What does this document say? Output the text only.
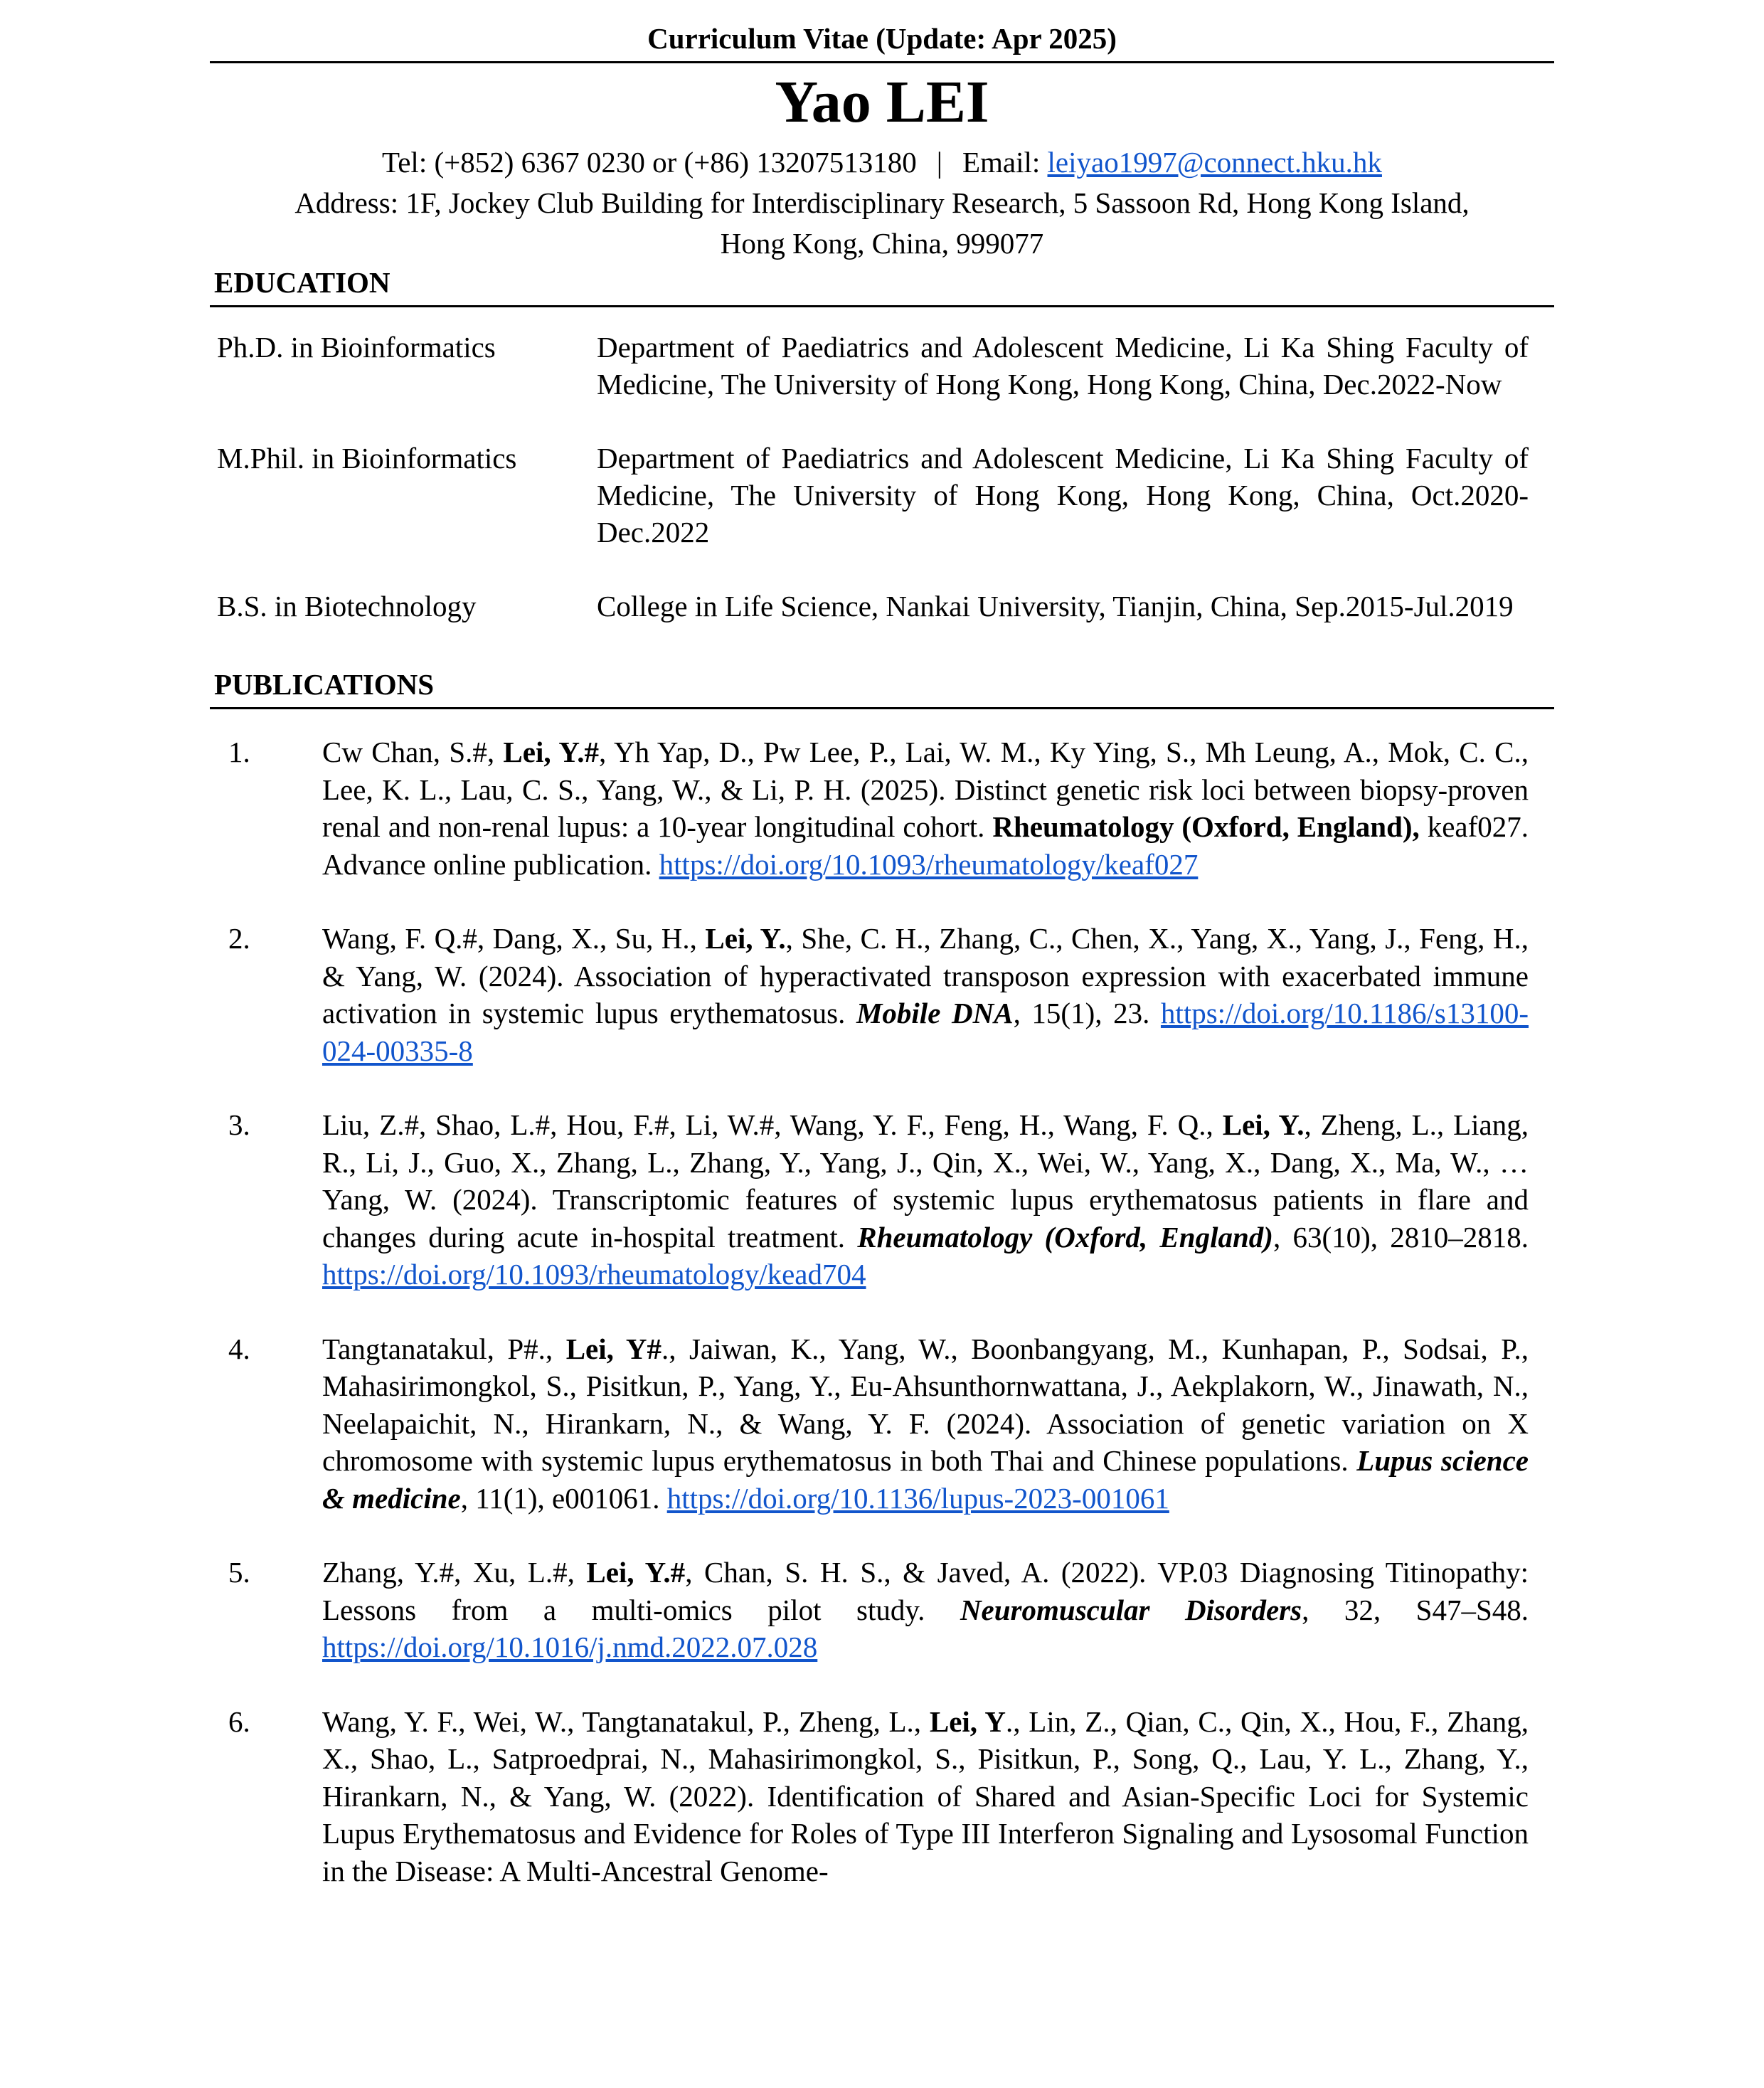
Curriculum Vitae (Update: Apr 2025)
Yao LEI
Tel: (+852) 6367 0230 or (+86) 13207513180 | Email: leiyao1997@connect.hku.hk
Address: 1F, Jockey Club Building for Interdisciplinary Research, 5 Sassoon Rd, Hong Kong Island,
Hong Kong, China, 999077
EDUCATION
Ph.D. in Bioinformatics	Department of Paediatrics and Adolescent Medicine, Li Ka Shing Faculty of Medicine, The University of Hong Kong, Hong Kong, China, Dec.2022-Now
M.Phil. in Bioinformatics	Department of Paediatrics and Adolescent Medicine, Li Ka Shing Faculty of Medicine, The University of Hong Kong, Hong Kong, China, Oct.2020-Dec.2022
B.S. in Biotechnology	College in Life Science, Nankai University, Tianjin, China, Sep.2015-Jul.2019
PUBLICATIONS
1.	Cw Chan, S.#, Lei, Y.#, Yh Yap, D., Pw Lee, P., Lai, W. M., Ky Ying, S., Mh Leung, A., Mok, C. C., Lee, K. L., Lau, C. S., Yang, W., & Li, P. H. (2025). Distinct genetic risk loci between biopsy-proven renal and non-renal lupus: a 10-year longitudinal cohort. Rheumatology (Oxford, England), keaf027. Advance online publication. https://doi.org/10.1093/rheumatology/keaf027
2.	Wang, F. Q.#, Dang, X., Su, H., Lei, Y., She, C. H., Zhang, C., Chen, X., Yang, X., Yang, J., Feng, H., & Yang, W. (2024). Association of hyperactivated transposon expression with exacerbated immune activation in systemic lupus erythematosus. Mobile DNA, 15(1), 23. https://doi.org/10.1186/s13100-024-00335-8
3.	Liu, Z.#, Shao, L.#, Hou, F.#, Li, W.#, Wang, Y. F., Feng, H., Wang, F. Q., Lei, Y., Zheng, L., Liang, R., Li, J., Guo, X., Zhang, L., Zhang, Y., Yang, J., Qin, X., Wei, W., Yang, X., Dang, X., Ma, W., … Yang, W. (2024). Transcriptomic features of systemic lupus erythematosus patients in flare and changes during acute in-hospital treatment. Rheumatology (Oxford, England), 63(10), 2810–2818. https://doi.org/10.1093/rheumatology/kead704
4.	Tangtanatakul, P#., Lei, Y#., Jaiwan, K., Yang, W., Boonbangyang, M., Kunhapan, P., Sodsai, P., Mahasirimongkol, S., Pisitkun, P., Yang, Y., Eu-Ahsunthornwattana, J., Aekplakorn, W., Jinawath, N., Neelapaichit, N., Hirankarn, N., & Wang, Y. F. (2024). Association of genetic variation on X chromosome with systemic lupus erythematosus in both Thai and Chinese populations. Lupus science & medicine, 11(1), e001061. https://doi.org/10.1136/lupus-2023-001061
5.	Zhang, Y.#, Xu, L.#, Lei, Y.#, Chan, S. H. S., & Javed, A. (2022). VP.03 Diagnosing Titinopathy: Lessons from a multi-omics pilot study. Neuromuscular Disorders, 32, S47–S48. https://doi.org/10.1016/j.nmd.2022.07.028
6.	Wang, Y. F., Wei, W., Tangtanatakul, P., Zheng, L., Lei, Y., Lin, Z., Qian, C., Qin, X., Hou, F., Zhang, X., Shao, L., Satproedprai, N., Mahasirimongkol, S., Pisitkun, P., Song, Q., Lau, Y. L., Zhang, Y., Hirankarn, N., & Yang, W. (2022). Identification of Shared and Asian-Specific Loci for Systemic Lupus Erythematosus and Evidence for Roles of Type III Interferon Signaling and Lysosomal Function in the Disease: A Multi-Ancestral Genome-
